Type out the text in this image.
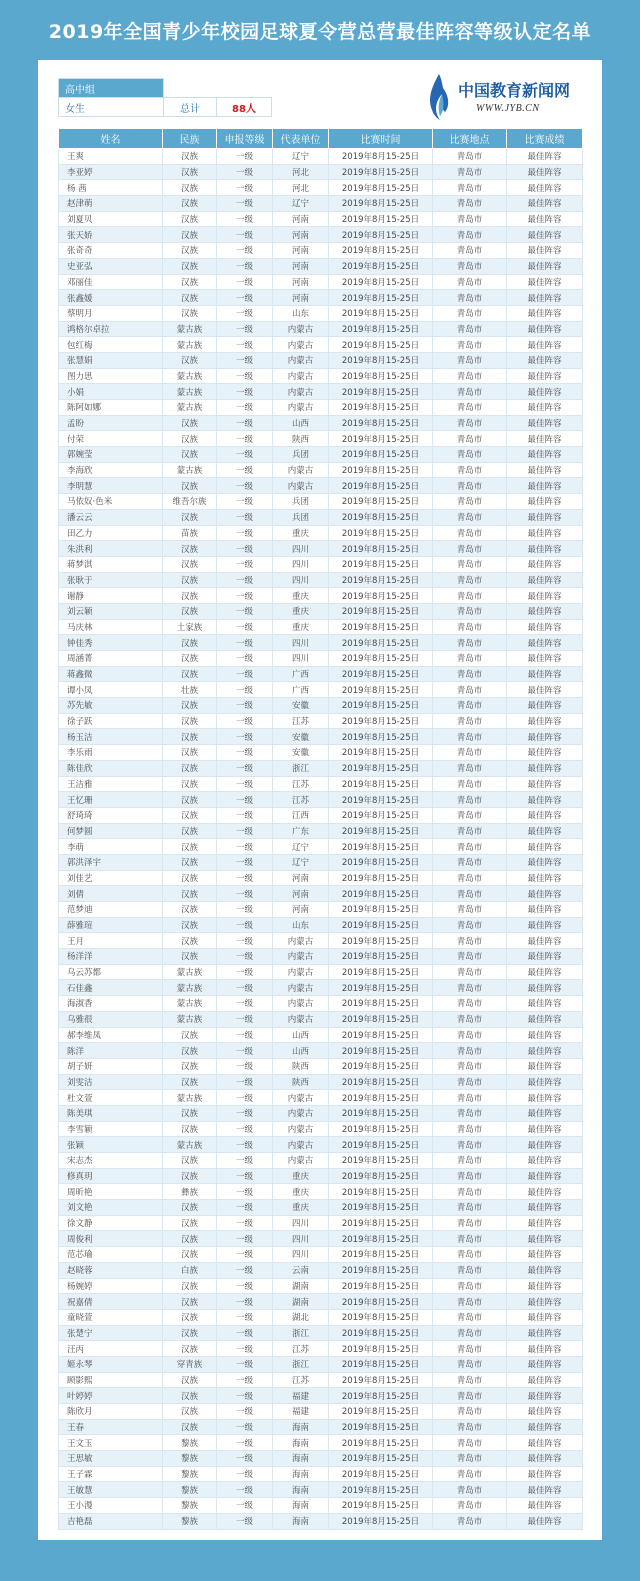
2019年全国青少年校园足球夏令营总营最佳阵容等级认定名单
高中组		
女生	总计	88人
中国教育新闻网
WWW.JYB.CN
姓名	民族	申报等级	代表单位	比赛时间	比赛地点	比赛成绩
王爽	汉族	一级	辽宁	2019年8月15-25日	青岛市	最佳阵容
李亚婷	汉族	一级	河北	2019年8月15-25日	青岛市	最佳阵容
杨 茜	汉族	一级	河北	2019年8月15-25日	青岛市	最佳阵容
赵津萌	汉族	一级	辽宁	2019年8月15-25日	青岛市	最佳阵容
刘夏贝	汉族	一级	河南	2019年8月15-25日	青岛市	最佳阵容
张天娇	汉族	一级	河南	2019年8月15-25日	青岛市	最佳阵容
张奇奇	汉族	一级	河南	2019年8月15-25日	青岛市	最佳阵容
史亚弘	汉族	一级	河南	2019年8月15-25日	青岛市	最佳阵容
邓丽佳	汉族	一级	河南	2019年8月15-25日	青岛市	最佳阵容
张鑫媛	汉族	一级	河南	2019年8月15-25日	青岛市	最佳阵容
蔡明月	汉族	一级	山东	2019年8月15-25日	青岛市	最佳阵容
鸿格尔卓拉	蒙古族	一级	内蒙古	2019年8月15-25日	青岛市	最佳阵容
包红梅	蒙古族	一级	内蒙古	2019年8月15-25日	青岛市	最佳阵容
张慧娟	汉族	一级	内蒙古	2019年8月15-25日	青岛市	最佳阵容
图力思	蒙古族	一级	内蒙古	2019年8月15-25日	青岛市	最佳阵容
小娟	蒙古族	一级	内蒙古	2019年8月15-25日	青岛市	最佳阵容
陈阿如娜	蒙古族	一级	内蒙古	2019年8月15-25日	青岛市	最佳阵容
孟盼	汉族	一级	山西	2019年8月15-25日	青岛市	最佳阵容
付荣	汉族	一级	陕西	2019年8月15-25日	青岛市	最佳阵容
郭婉莹	汉族	一级	兵团	2019年8月15-25日	青岛市	最佳阵容
李海欣	蒙古族	一级	内蒙古	2019年8月15-25日	青岛市	最佳阵容
李明慧	汉族	一级	内蒙古	2019年8月15-25日	青岛市	最佳阵容
马依奴·色米	维吾尔族	一级	兵团	2019年8月15-25日	青岛市	最佳阵容
潘云云	汉族	一级	兵团	2019年8月15-25日	青岛市	最佳阵容
田乙力	苗族	一级	重庆	2019年8月15-25日	青岛市	最佳阵容
朱洪利	汉族	一级	四川	2019年8月15-25日	青岛市	最佳阵容
蒋梦淇	汉族	一级	四川	2019年8月15-25日	青岛市	最佳阵容
张耿于	汉族	一级	四川	2019年8月15-25日	青岛市	最佳阵容
谢静	汉族	一级	重庆	2019年8月15-25日	青岛市	最佳阵容
刘云颖	汉族	一级	重庆	2019年8月15-25日	青岛市	最佳阵容
马庆林	土家族	一级	重庆	2019年8月15-25日	青岛市	最佳阵容
钟佳秀	汉族	一级	四川	2019年8月15-25日	青岛市	最佳阵容
周涵菁	汉族	一级	四川	2019年8月15-25日	青岛市	最佳阵容
蒋鑫微	汉族	一级	广西	2019年8月15-25日	青岛市	最佳阵容
谭小凤	壮族	一级	广西	2019年8月15-25日	青岛市	最佳阵容
苏先敏	汉族	一级	安徽	2019年8月15-25日	青岛市	最佳阵容
徐子跃	汉族	一级	江苏	2019年8月15-25日	青岛市	最佳阵容
杨玉洁	汉族	一级	安徽	2019年8月15-25日	青岛市	最佳阵容
李乐雨	汉族	一级	安徽	2019年8月15-25日	青岛市	最佳阵容
陈佳欣	汉族	一级	浙江	2019年8月15-25日	青岛市	最佳阵容
王洁雅	汉族	一级	江苏	2019年8月15-25日	青岛市	最佳阵容
王忆珊	汉族	一级	江苏	2019年8月15-25日	青岛市	最佳阵容
舒琦琦	汉族	一级	江西	2019年8月15-25日	青岛市	最佳阵容
何梦圆	汉族	一级	广东	2019年8月15-25日	青岛市	最佳阵容
李萌	汉族	一级	辽宁	2019年8月15-25日	青岛市	最佳阵容
郭洪泽宇	汉族	一级	辽宁	2019年8月15-25日	青岛市	最佳阵容
刘佳艺	汉族	一级	河南	2019年8月15-25日	青岛市	最佳阵容
刘倩	汉族	一级	河南	2019年8月15-25日	青岛市	最佳阵容
范梦迪	汉族	一级	河南	2019年8月15-25日	青岛市	最佳阵容
薛雅瑄	汉族	一级	山东	2019年8月15-25日	青岛市	最佳阵容
王月	汉族	一级	内蒙古	2019年8月15-25日	青岛市	最佳阵容
杨洋洋	汉族	一级	内蒙古	2019年8月15-25日	青岛市	最佳阵容
乌云苏都	蒙古族	一级	内蒙古	2019年8月15-25日	青岛市	最佳阵容
石佳鑫	蒙古族	一级	内蒙古	2019年8月15-25日	青岛市	最佳阵容
海淑香	蒙古族	一级	内蒙古	2019年8月15-25日	青岛市	最佳阵容
乌雅很	蒙古族	一级	内蒙古	2019年8月15-25日	青岛市	最佳阵容
郝李维凤	汉族	一级	山西	2019年8月15-25日	青岛市	最佳阵容
陈洋	汉族	一级	山西	2019年8月15-25日	青岛市	最佳阵容
胡子妍	汉族	一级	陕西	2019年8月15-25日	青岛市	最佳阵容
刘雯洁	汉族	一级	陕西	2019年8月15-25日	青岛市	最佳阵容
杜文萱	蒙古族	一级	内蒙古	2019年8月15-25日	青岛市	最佳阵容
陈美琪	汉族	一级	内蒙古	2019年8月15-25日	青岛市	最佳阵容
李雪颖	汉族	一级	内蒙古	2019年8月15-25日	青岛市	最佳阵容
张颖	蒙古族	一级	内蒙古	2019年8月15-25日	青岛市	最佳阵容
宋志杰	汉族	一级	内蒙古	2019年8月15-25日	青岛市	最佳阵容
修真玥	汉族	一级	重庆	2019年8月15-25日	青岛市	最佳阵容
周昕艳	彝族	一级	重庆	2019年8月15-25日	青岛市	最佳阵容
刘文艳	汉族	一级	重庆	2019年8月15-25日	青岛市	最佳阵容
徐文静	汉族	一级	四川	2019年8月15-25日	青岛市	最佳阵容
周俊利	汉族	一级	四川	2019年8月15-25日	青岛市	最佳阵容
范芯瑜	汉族	一级	四川	2019年8月15-25日	青岛市	最佳阵容
赵晓蓉	白族	一级	云南	2019年8月15-25日	青岛市	最佳阵容
杨婉婷	汉族	一级	湖南	2019年8月15-25日	青岛市	最佳阵容
祝嘉倩	汉族	一级	湖南	2019年8月15-25日	青岛市	最佳阵容
童晓萱	汉族	一级	湖北	2019年8月15-25日	青岛市	最佳阵容
张楚宁	汉族	一级	浙江	2019年8月15-25日	青岛市	最佳阵容
汪丙	汉族	一级	江苏	2019年8月15-25日	青岛市	最佳阵容
姬永琴	穿青族	一级	浙江	2019年8月15-25日	青岛市	最佳阵容
顾影熙	汉族	一级	江苏	2019年8月15-25日	青岛市	最佳阵容
叶婷婷	汉族	一级	福建	2019年8月15-25日	青岛市	最佳阵容
陈欣月	汉族	一级	福建	2019年8月15-25日	青岛市	最佳阵容
王春	汉族	一级	海南	2019年8月15-25日	青岛市	最佳阵容
王文玉	黎族	一级	海南	2019年8月15-25日	青岛市	最佳阵容
王思敏	黎族	一级	海南	2019年8月15-25日	青岛市	最佳阵容
王子霖	黎族	一级	海南	2019年8月15-25日	青岛市	最佳阵容
王敏慧	黎族	一级	海南	2019年8月15-25日	青岛市	最佳阵容
王小漫	黎族	一级	海南	2019年8月15-25日	青岛市	最佳阵容
吉艳磊	黎族	一级	海南	2019年8月15-25日	青岛市	最佳阵容
